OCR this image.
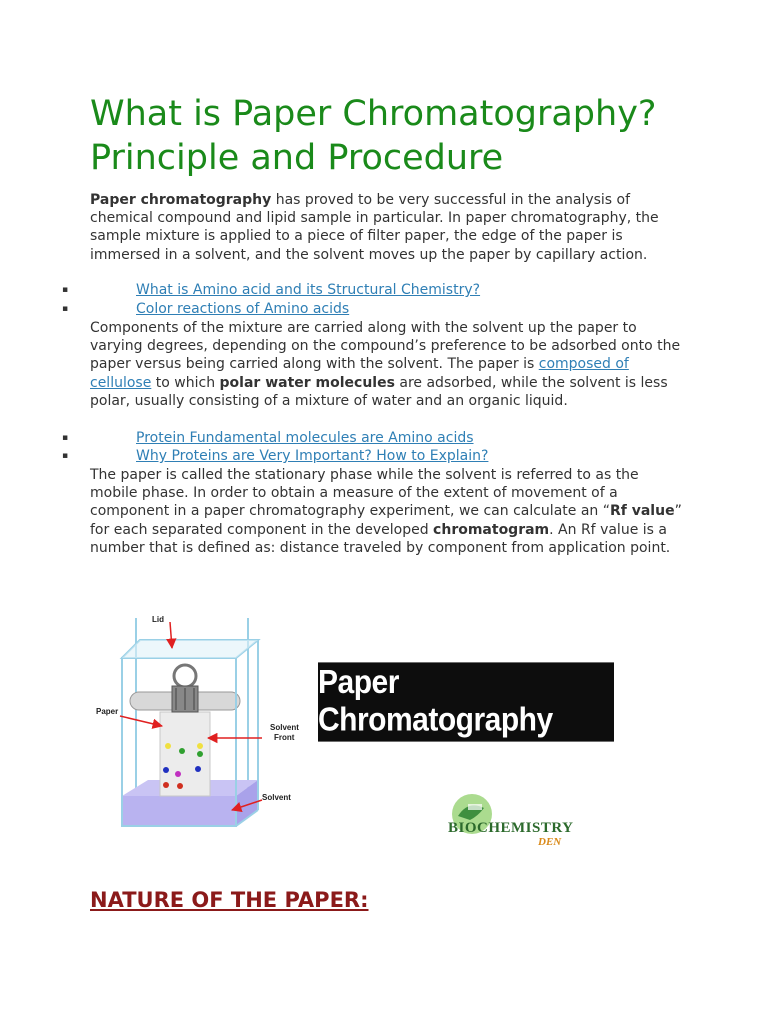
What is Paper Chromatography?
Principle and Procedure
Paper chromatography has proved to be very successful in the analysis of chemical compound and lipid sample in particular. In paper chromatography, the sample mixture is applied to a piece of filter paper, the edge of the paper is immersed in a solvent, and the solvent moves up the paper by capillary action.
▪	What is Amino acid and its Structural Chemistry?
▪	Color reactions of Amino acids
Components of the mixture are carried along with the solvent up the paper to varying degrees, depending on the compound’s preference to be adsorbed onto the paper versus being carried along with the solvent. The paper is composed of cellulose to which polar water molecules are adsorbed, while the solvent is less polar, usually consisting of a mixture of water and an organic liquid.
▪	Protein Fundamental molecules are Amino acids
▪	Why Proteins are Very Important? How to Explain?
The paper is called the stationary phase while the solvent is referred to as the mobile phase. In order to obtain a measure of the extent of movement of a component in a paper chromatography experiment, we can calculate an “Rf value” for each separated component in the developed chromatogram. An Rf value is a number that is defined as: distance traveled by component from application point.
Lid
Paper
Solvent
Front
Solvent
Paper Chromatography
BIOCHEMISTRY
DEN
NATURE OF THE PAPER:
